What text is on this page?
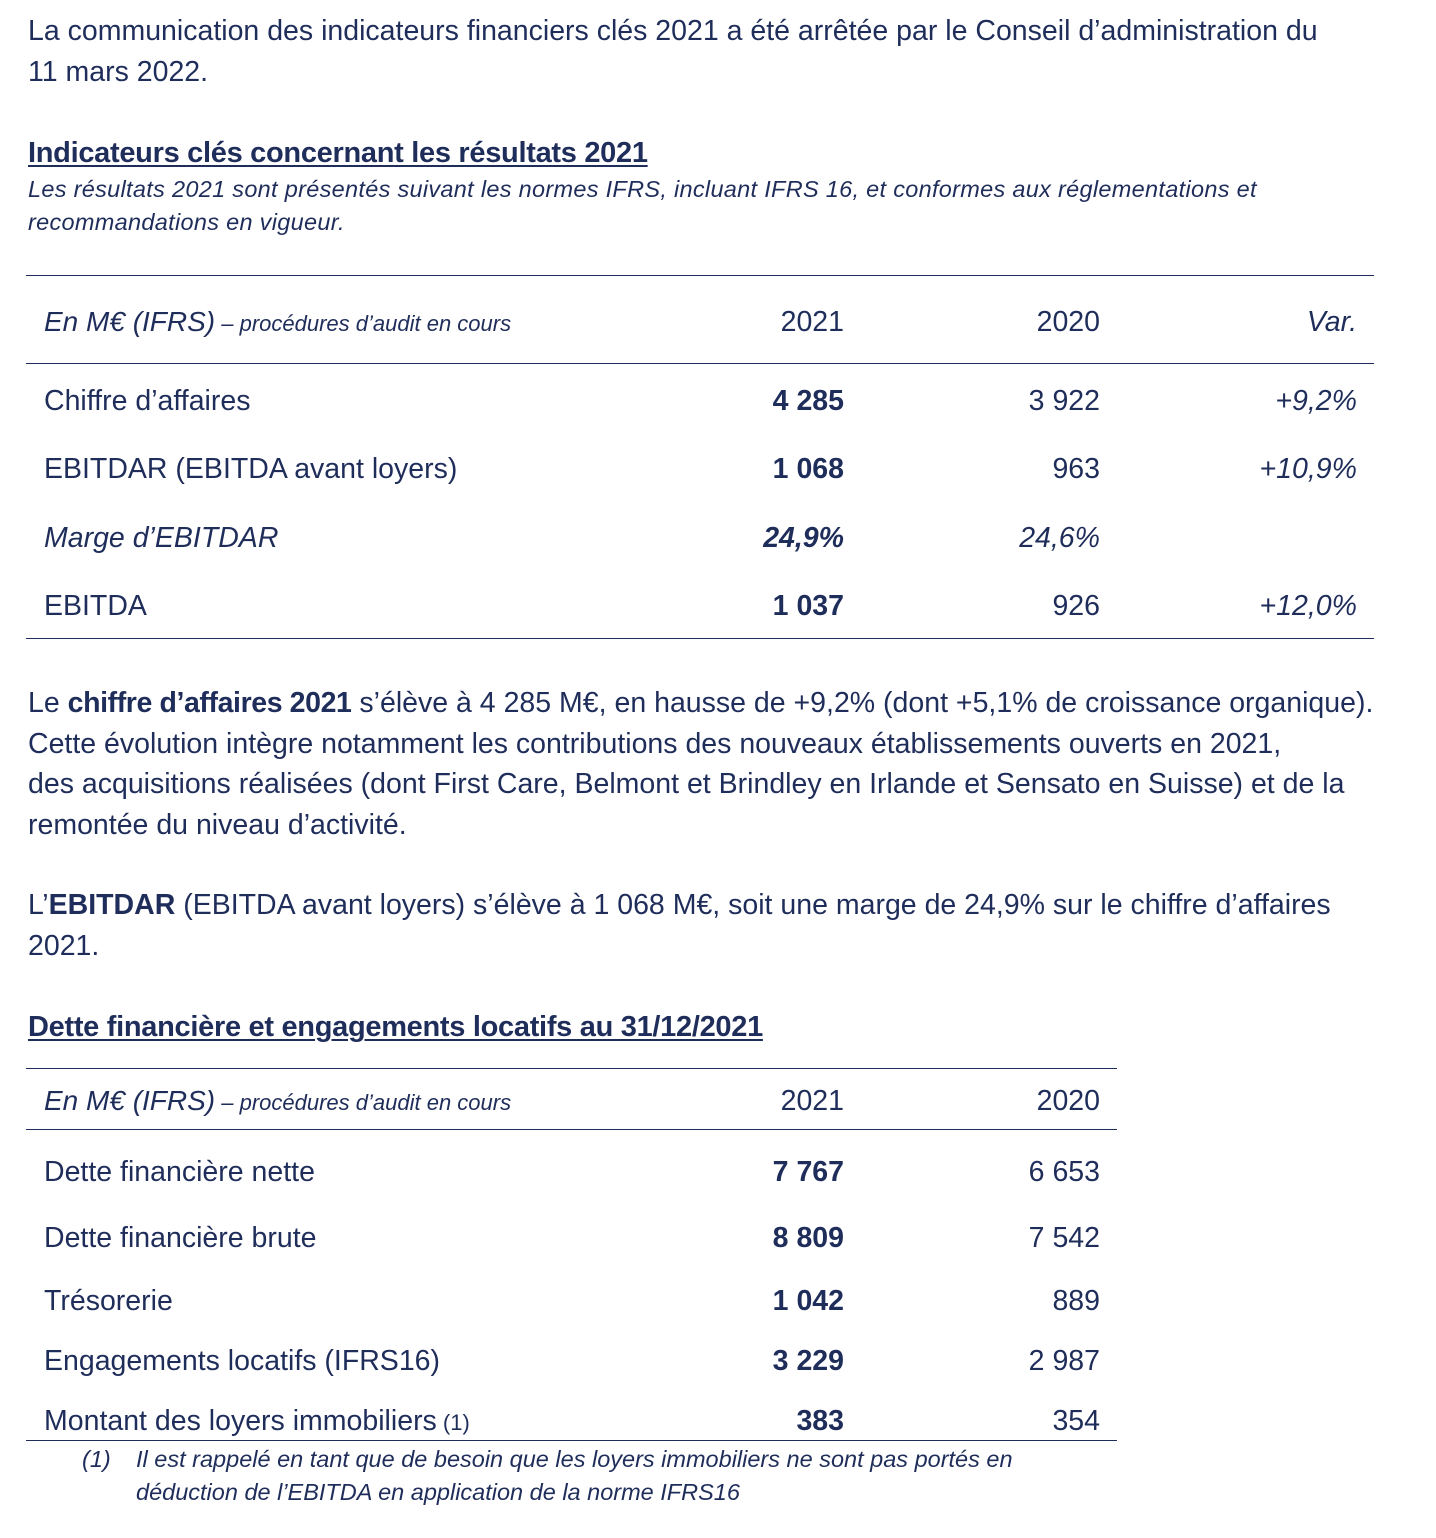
La communication des indicateurs financiers clés 2021 a été arrêtée par le Conseil d’administration du
11 mars 2022.

Indicateurs clés concernant les résultats 2021

Les résultats 2021 sont présentés suivant les normes IFRS, incluant IFRS 16, et conformes aux réglementations et
recommandations en vigueur.

En M€ (IFRS) – procédures d’audit en cours	2021	2020	Var.
Chiffre d’affaires	4 285	3 922	+9,2%
EBITDAR (EBITDA avant loyers)	1 068	963	+10,9%
Marge d’EBITDAR	24,9%	24,6%
EBITDA	1 037	926	+12,0%

Le chiffre d’affaires 2021 s’élève à 4 285 M€, en hausse de +9,2% (dont +5,1% de croissance organique).
Cette évolution intègre notamment les contributions des nouveaux établissements ouverts en 2021,
des acquisitions réalisées (dont First Care, Belmont et Brindley en Irlande et Sensato en Suisse) et de la
remontée du niveau d’activité.

L’EBITDAR (EBITDA avant loyers) s’élève à 1 068 M€, soit une marge de 24,9% sur le chiffre d’affaires
2021.

Dette financière et engagements locatifs au 31/12/2021
En M€ (IFRS) – procédures d’audit en cours	2021	2020
Dette financière nette	7 767	6 653
Dette financière brute	8 809	7 542
Trésorerie	1 042	889
Engagements locatifs (IFRS16)	3 229	2 987
Montant des loyers immobiliers (1)	383	354
(1) Il est rappelé en tant que de besoin que les loyers immobiliers ne sont pas portés en
déduction de l’EBITDA en application de la norme IFRS16
